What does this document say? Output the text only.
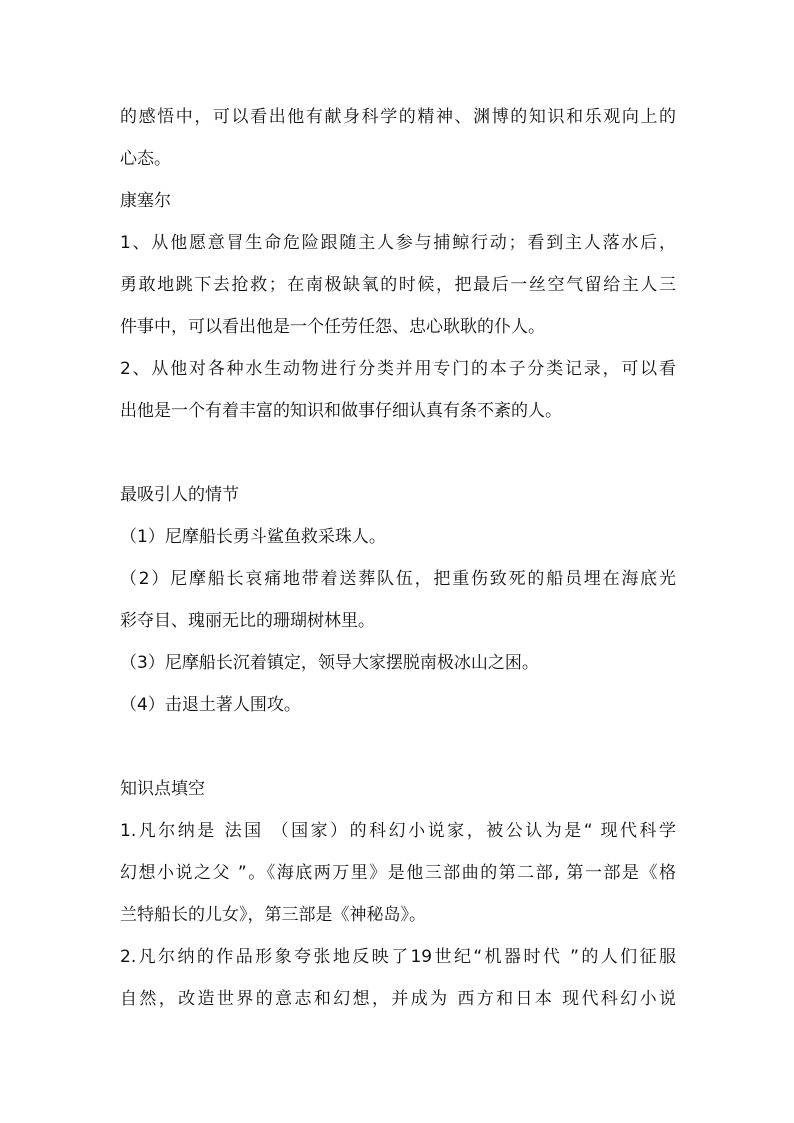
的感悟中，可以看出他有献身科学的精神、渊博的知识和乐观向上的
心态。
康塞尔
1、从他愿意冒生命危险跟随主人参与捕鲸行动；看到主人落水后，
勇敢地跳下去抢救；在南极缺氧的时候，把最后一丝空气留给主人三
件事中，可以看出他是一个任劳任怨、忠心耿耿的仆人。
2、从他对各种水生动物进行分类并用专门的本子分类记录，可以看
出他是一个有着丰富的知识和做事仔细认真有条不紊的人。
最吸引人的情节
（1）尼摩船长勇斗鲨鱼救采珠人。
（2）尼摩船长哀痛地带着送葬队伍，把重伤致死的船员埋在海底光
彩夺目、瑰丽无比的珊瑚树林里。
（3）尼摩船长沉着镇定，领导大家摆脱南极冰山之困。
（4）击退土著人围攻。
知识点填空
1.凡尔纳是 法国 （国家）的科幻小说家，被公认为是“ 现代科学
幻想小说之父 ”。《海底两万里》是他三部曲的第二部, 第一部是《格
兰特船长的儿女》，第三部是《神秘岛》。
2.凡尔纳的作品形象夸张地反映了19世纪“机器时代 ”的人们征服
自然，改造世界的意志和幻想，并成为 西方和日本 现代科幻小说
